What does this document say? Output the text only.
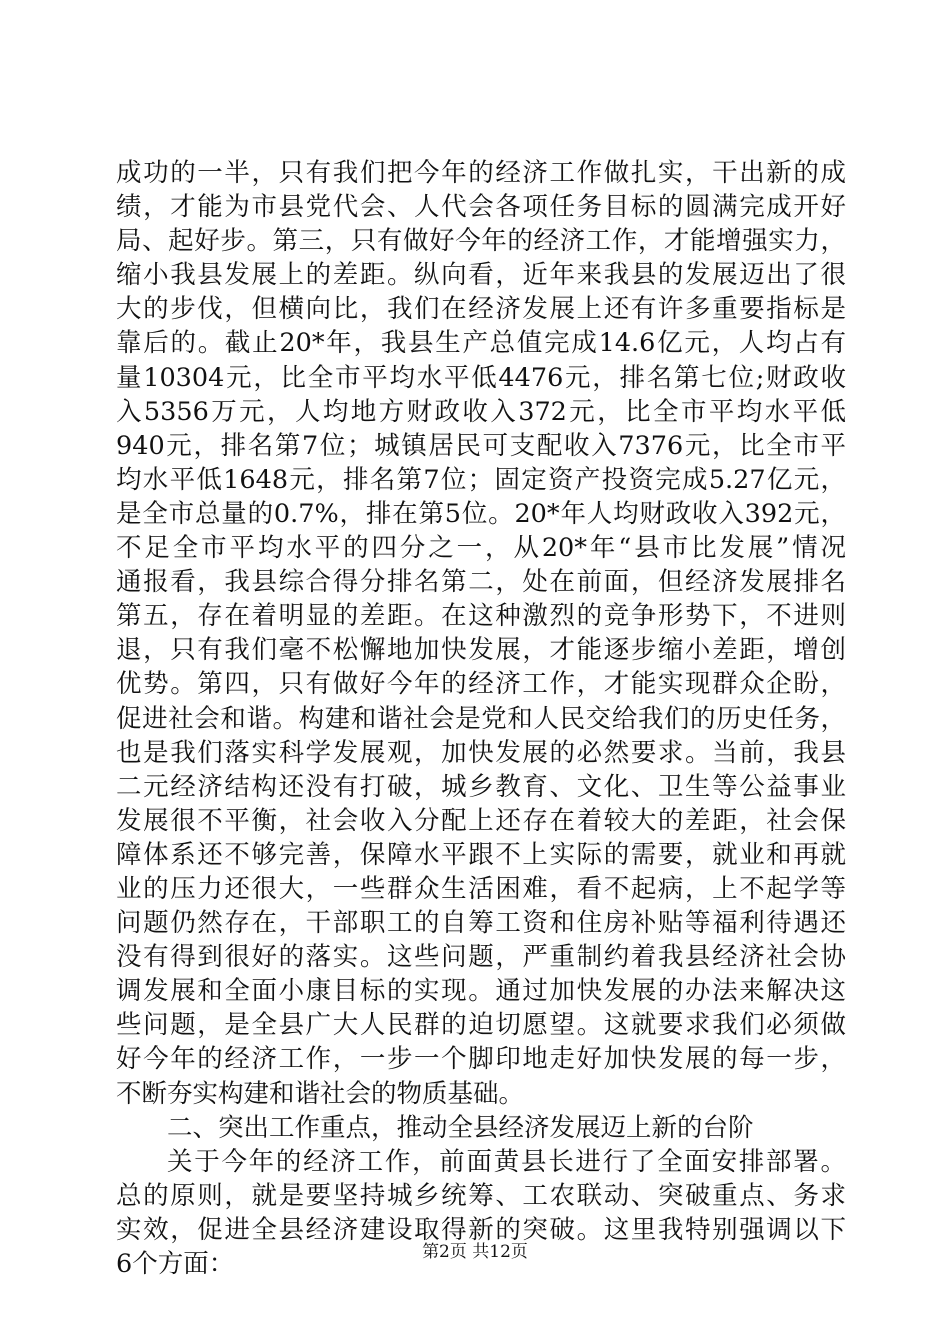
成功的一半，只有我们把今年的经济工作做扎实，干出新的成
绩，才能为市县党代会、人代会各项任务目标的圆满完成开好
局、起好步。第三，只有做好今年的经济工作，才能增强实力，
缩小我县发展上的差距。纵向看，近年来我县的发展迈出了很
大的步伐，但横向比，我们在经济发展上还有许多重要指标是
靠后的。截止20*年，我县生产总值完成14.6亿元，人均占有
量10304元，比全市平均水平低4476元，排名第七位;财政收
入5356万元，人均地方财政收入372元，比全市平均水平低
940元，排名第7位；城镇居民可支配收入7376元，比全市平
均水平低1648元，排名第7位；固定资产投资完成5.27亿元，
是全市总量的0.7%，排在第5位。20*年人均财政收入392元，
不足全市平均水平的四分之一，从20*年“县市比发展”情况
通报看，我县综合得分排名第二，处在前面，但经济发展排名
第五，存在着明显的差距。在这种激烈的竞争形势下，不进则
退，只有我们毫不松懈地加快发展，才能逐步缩小差距，增创
优势。第四，只有做好今年的经济工作，才能实现群众企盼，
促进社会和谐。构建和谐社会是党和人民交给我们的历史任务，
也是我们落实科学发展观，加快发展的必然要求。当前，我县
二元经济结构还没有打破，城乡教育、文化、卫生等公益事业
发展很不平衡，社会收入分配上还存在着较大的差距，社会保
障体系还不够完善，保障水平跟不上实际的需要，就业和再就
业的压力还很大，一些群众生活困难，看不起病，上不起学等
问题仍然存在，干部职工的自筹工资和住房补贴等福利待遇还
没有得到很好的落实。这些问题，严重制约着我县经济社会协
调发展和全面小康目标的实现。通过加快发展的办法来解决这
些问题，是全县广大人民群的迫切愿望。这就要求我们必须做
好今年的经济工作，一步一个脚印地走好加快发展的每一步，
不断夯实构建和谐社会的物质基础。
二、突出工作重点，推动全县经济发展迈上新的台阶
关于今年的经济工作，前面黄县长进行了全面安排部署。
总的原则，就是要坚持城乡统筹、工农联动、突破重点、务求
实效，促进全县经济建设取得新的突破。这里我特别强调以下
6个方面：	第2页 共12页
